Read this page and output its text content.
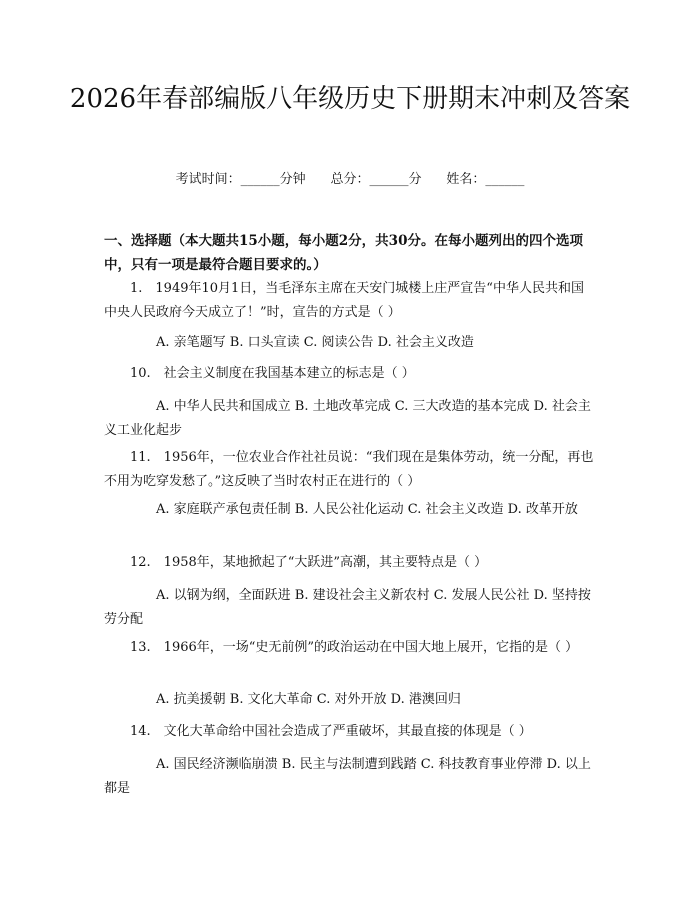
2026年春部编版八年级历史下册期末冲刺及答案
考试时间：______分钟 总分：______分 姓名：______

一、选择题（本大题共15小题，每小题2分，共30分。在每小题列出的四个选项中，只有一项是最符合题目要求的。）

1.　1949年10月1日，当毛泽东主席在天安门城楼上庄严宣告“中华人民共和国中央人民政府今天成立了！”时，宣告的方式是（ ）

A. 亲笔题写 B. 口头宣读 C. 阅读公告 D. 社会主义改造

10.　社会主义制度在我国基本建立的标志是（ ）

A. 中华人民共和国成立 B. 土地改革完成 C. 三大改造的基本完成 D. 社会主义工业化起步

11.　1956年，一位农业合作社社员说：“我们现在是集体劳动，统一分配，再也不用为吃穿发愁了。”这反映了当时农村正在进行的（ ）

A. 家庭联产承包责任制 B. 人民公社化运动 C. 社会主义改造 D. 改革开放

12.　1958年，某地掀起了“大跃进”高潮，其主要特点是（ ）

A. 以钢为纲，全面跃进 B. 建设社会主义新农村 C. 发展人民公社 D. 坚持按劳分配

13.　1966年，一场“史无前例”的政治运动在中国大地上展开，它指的是（ ）

A. 抗美援朝 B. 文化大革命 C. 对外开放 D. 港澳回归

14.　文化大革命给中国社会造成了严重破坏，其最直接的体现是（ ）

A. 国民经济濒临崩溃 B. 民主与法制遭到践踏 C. 科技教育事业停滞 D. 以上都是
